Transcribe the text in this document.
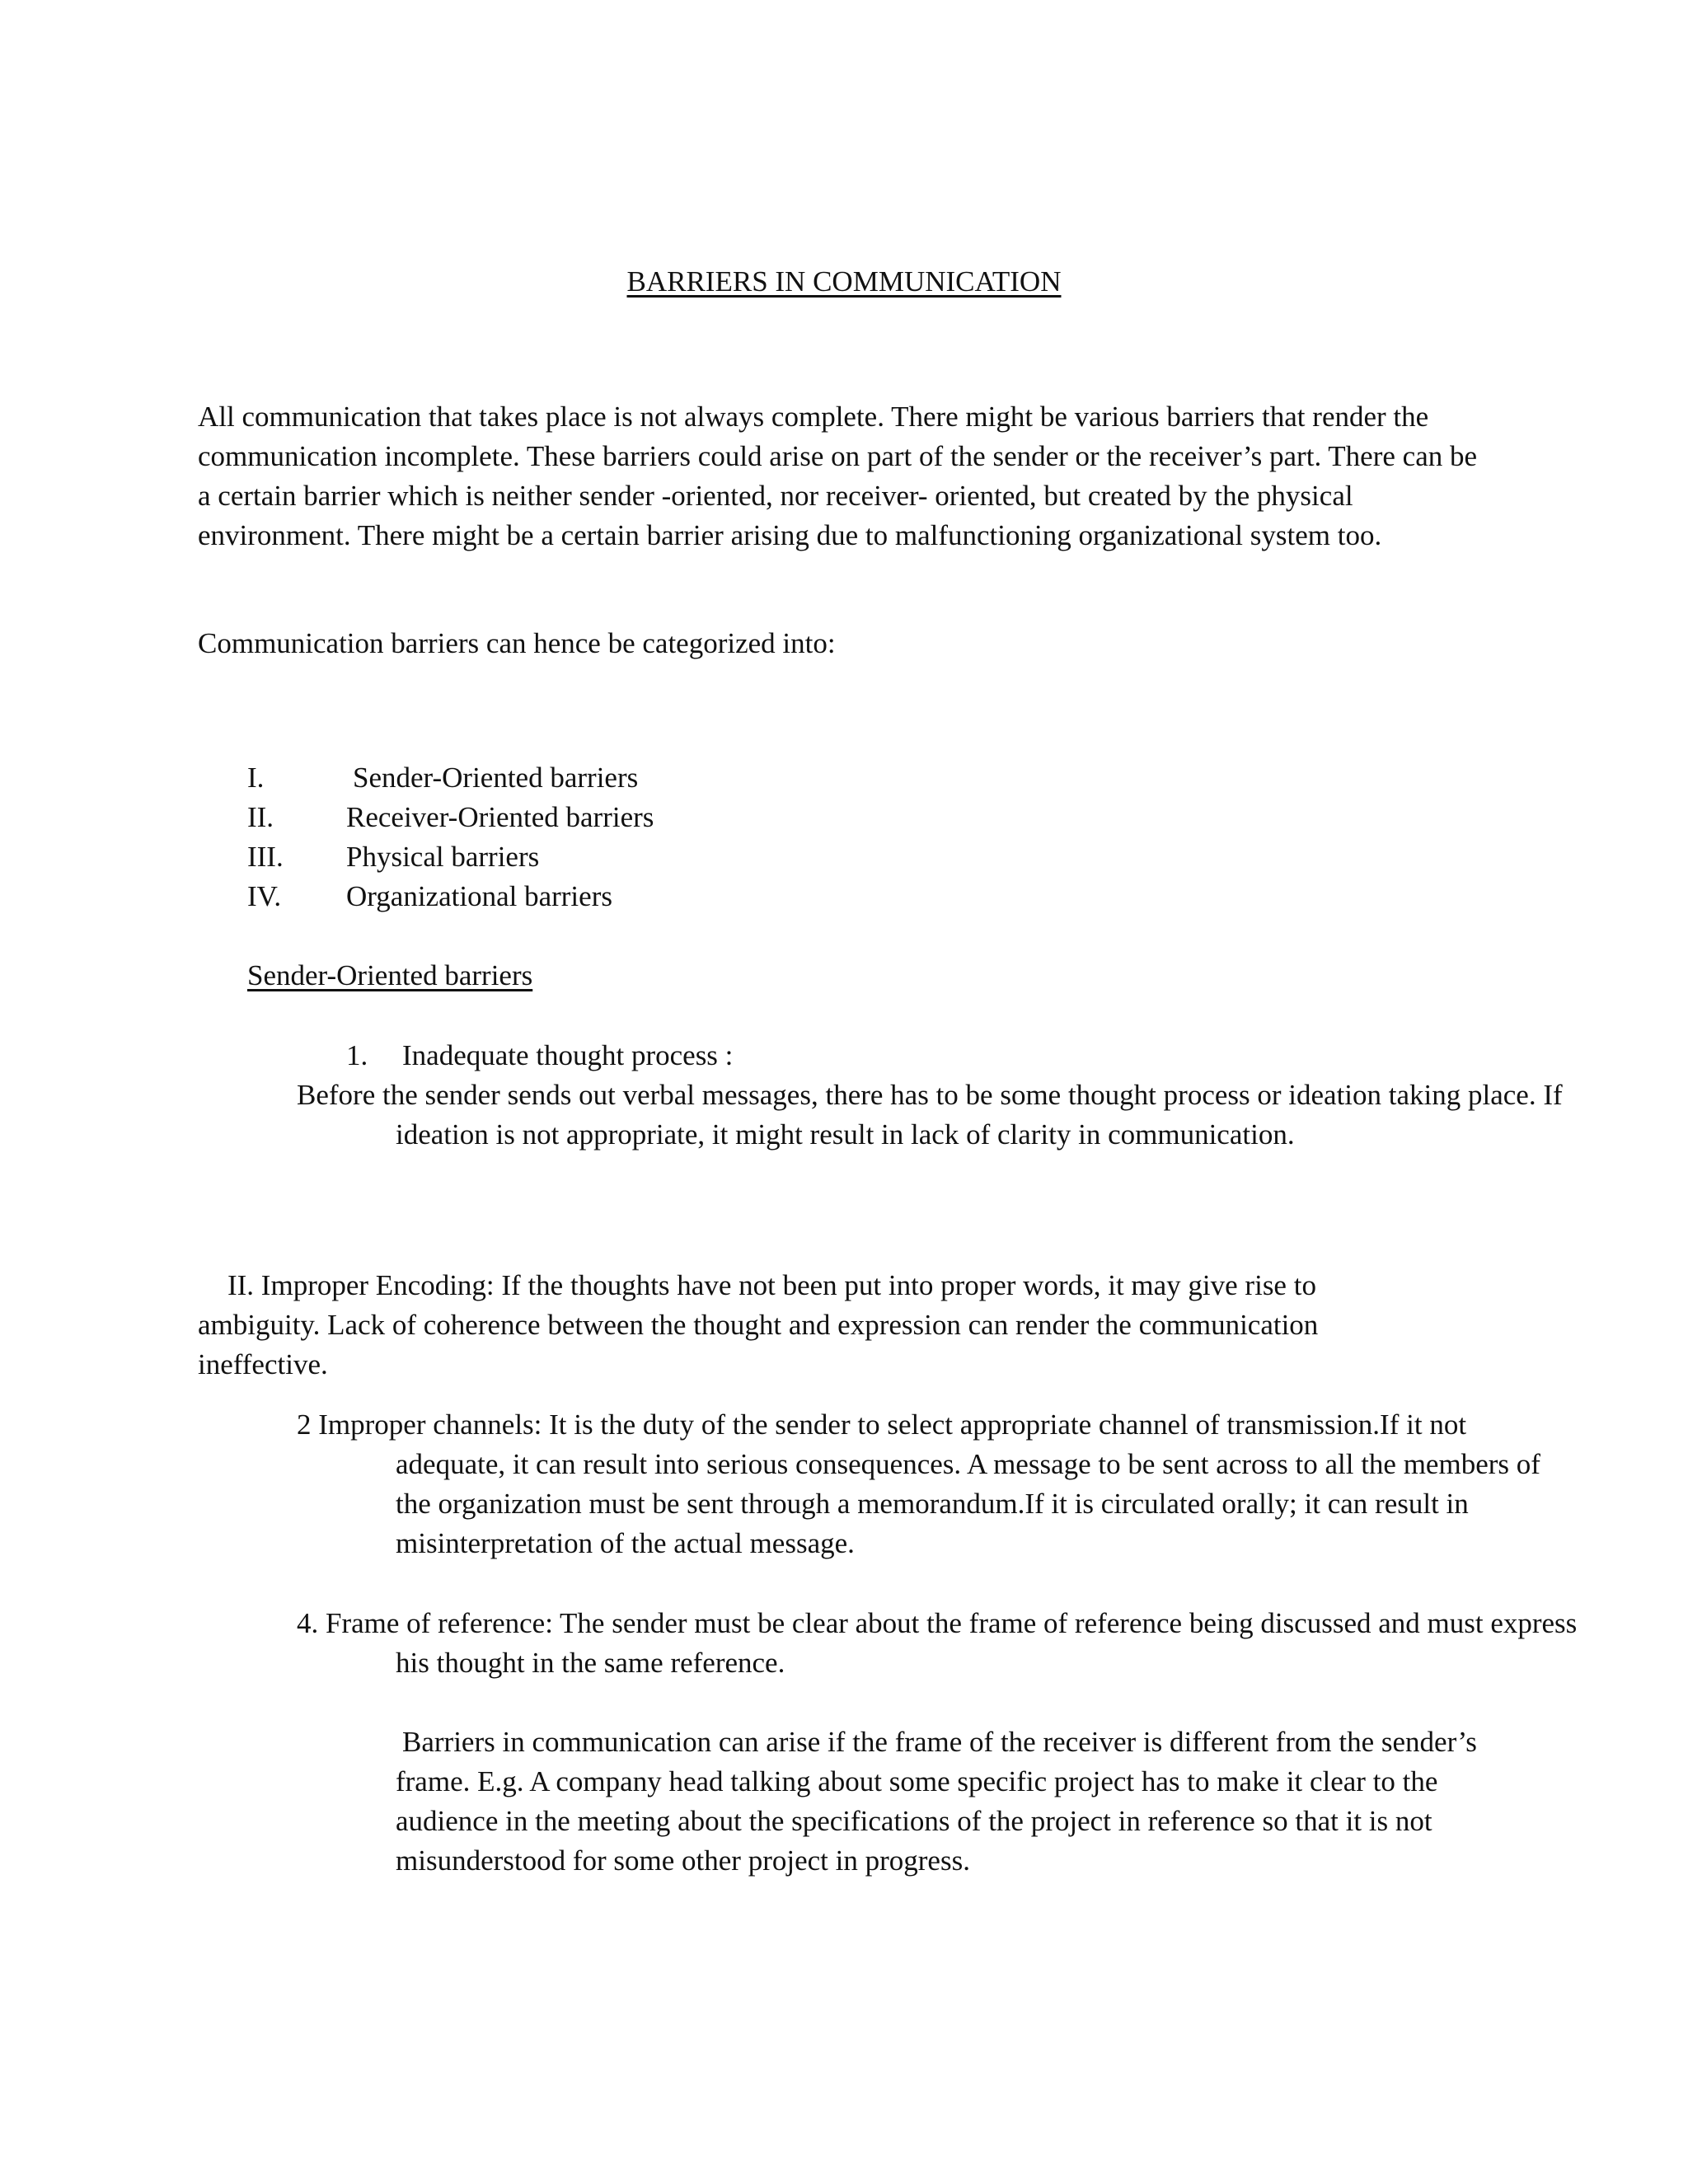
BARRIERS IN COMMUNICATION

All communication that takes place is not always complete. There might be various barriers that render the communication incomplete. These barriers could arise on part of the sender or the receiver’s part. There can be a certain barrier which is neither sender -oriented, nor receiver- oriented, but created by the physical environment. There might be a certain barrier arising due to malfunctioning organizational system too.

Communication barriers can hence be categorized into:

I.	Sender-Oriented barriers
II.	Receiver-Oriented barriers
III.	Physical barriers
IV.	Organizational barriers

Sender-Oriented barriers

1. Inadequate thought process :

Before the sender sends out verbal messages, there has to be some thought process or ideation taking place. If ideation is not appropriate, it might result in lack of clarity in communication.

II. Improper Encoding: If the thoughts have not been put into proper words, it may give rise to ambiguity. Lack of coherence between the thought and expression can render the communication ineffective.

2 Improper channels: It is the duty of the sender to select appropriate channel of transmission.If it not adequate, it can result into serious consequences. A message to be sent across to all the members of the organization must be sent through a memorandum.If it is circulated orally; it can result in misinterpretation of the actual message.

4. Frame of reference: The sender must be clear about the frame of reference being discussed and must express his thought in the same reference.

Barriers in communication can arise if the frame of the receiver is different from the sender’s frame. E.g. A company head talking about some specific project has to make it clear to the audience in the meeting about the specifications of the project in reference so that it is not misunderstood for some other project in progress.
